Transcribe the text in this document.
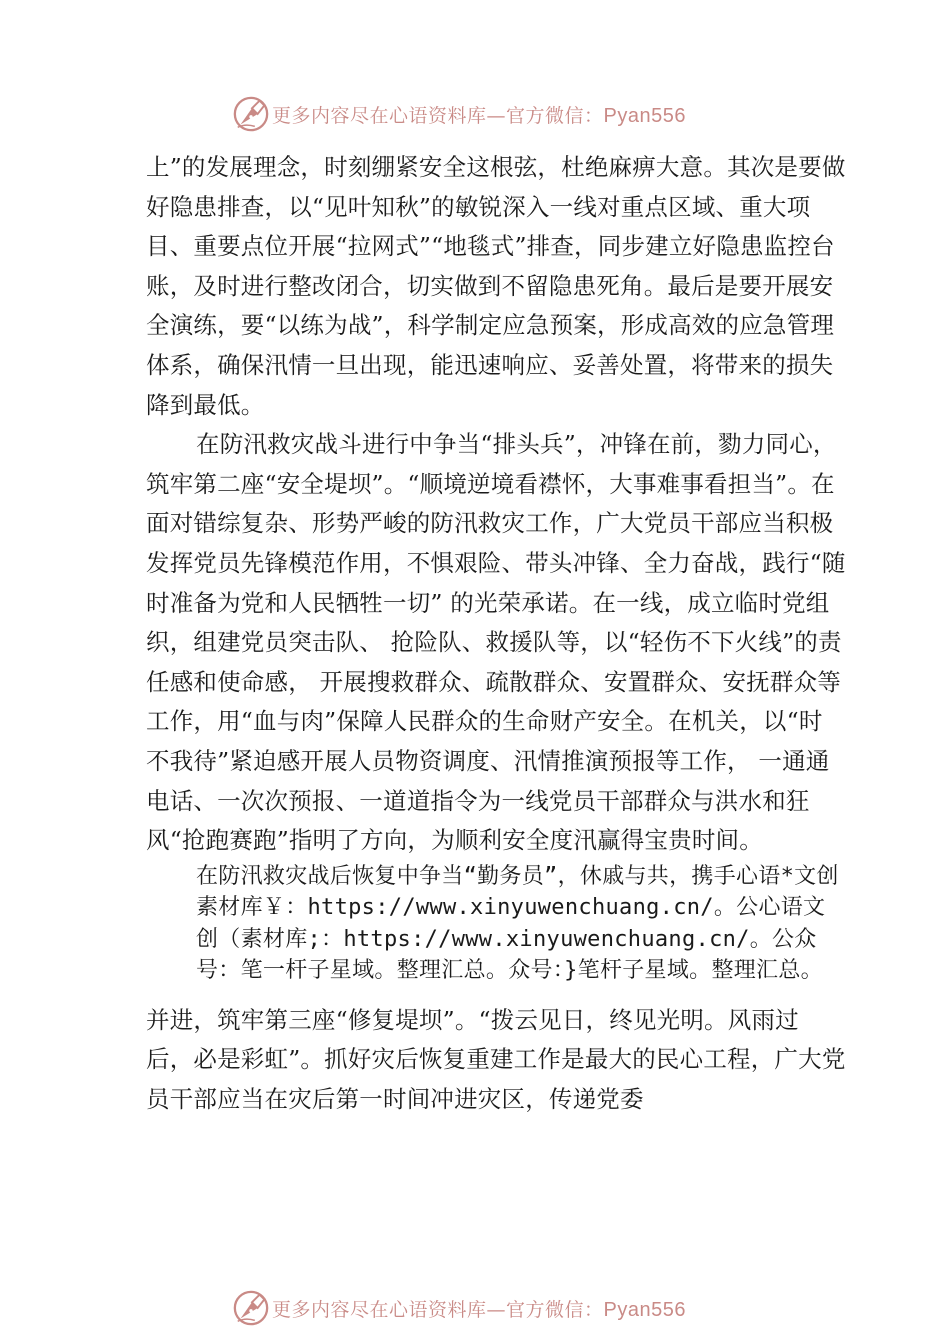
更多内容尽在心语资料库—官方微信：Pyan556

上”的发展理念，时刻绷紧安全这根弦，杜绝麻痹大意。其次是要做好隐患排查，以“见叶知秋”的敏锐深入一线对重点区域、重大项目、重要点位开展“拉网式”“地毯式”排查，同步建立好隐患监控台账，及时进行整改闭合，切实做到不留隐患死角。最后是要开展安全演练，要“以练为战”，科学制定应急预案，形成高效的应急管理体系，确保汛情一旦出现，能迅速响应、妥善处置，将带来的损失降到最低。

在防汛救灾战斗进行中争当“排头兵”，冲锋在前，勠力同心，筑牢第二座“安全堤坝”。“顺境逆境看襟怀，大事难事看担当”。在面对错综复杂、形势严峻的防汛救灾工作，广大党员干部应当积极发挥党员先锋模范作用，不惧艰险、带头冲锋、全力奋战，践行“随时准备为党和人民牺牲一切” 的光荣承诺。在一线，成立临时党组织，组建党员突击队、 抢险队、救援队等，以“轻伤不下火线”的责任感和使命感， 开展搜救群众、疏散群众、安置群众、安抚群众等工作，用“血与肉”保障人民群众的生命财产安全。在机关，以“时不我待”紧迫感开展人员物资调度、汛情推演预报等工作， 一通通电话、一次次预报、一道道指令为一线党员干部群众与洪水和狂风“抢跑赛跑”指明了方向，为顺利安全度汛赢得宝贵时间。

在防汛救灾战后恢复中争当“勤务员”，休戚与共，携手心语*文创素材库￥：https://www.xinyuwenchuang.cn/。公心语文创（素材库;：https://www.xinyuwenchuang.cn/。公众号：笔一杆子星域。整理汇总。众号：}笔杆子星域。整理汇总。

并进，筑牢第三座“修复堤坝”。“拨云见日，终见光明。风雨过后，必是彩虹”。抓好灾后恢复重建工作是最大的民心工程，广大党员干部应当在灾后第一时间冲进灾区，传递党委

更多内容尽在心语资料库—官方微信：Pyan556
